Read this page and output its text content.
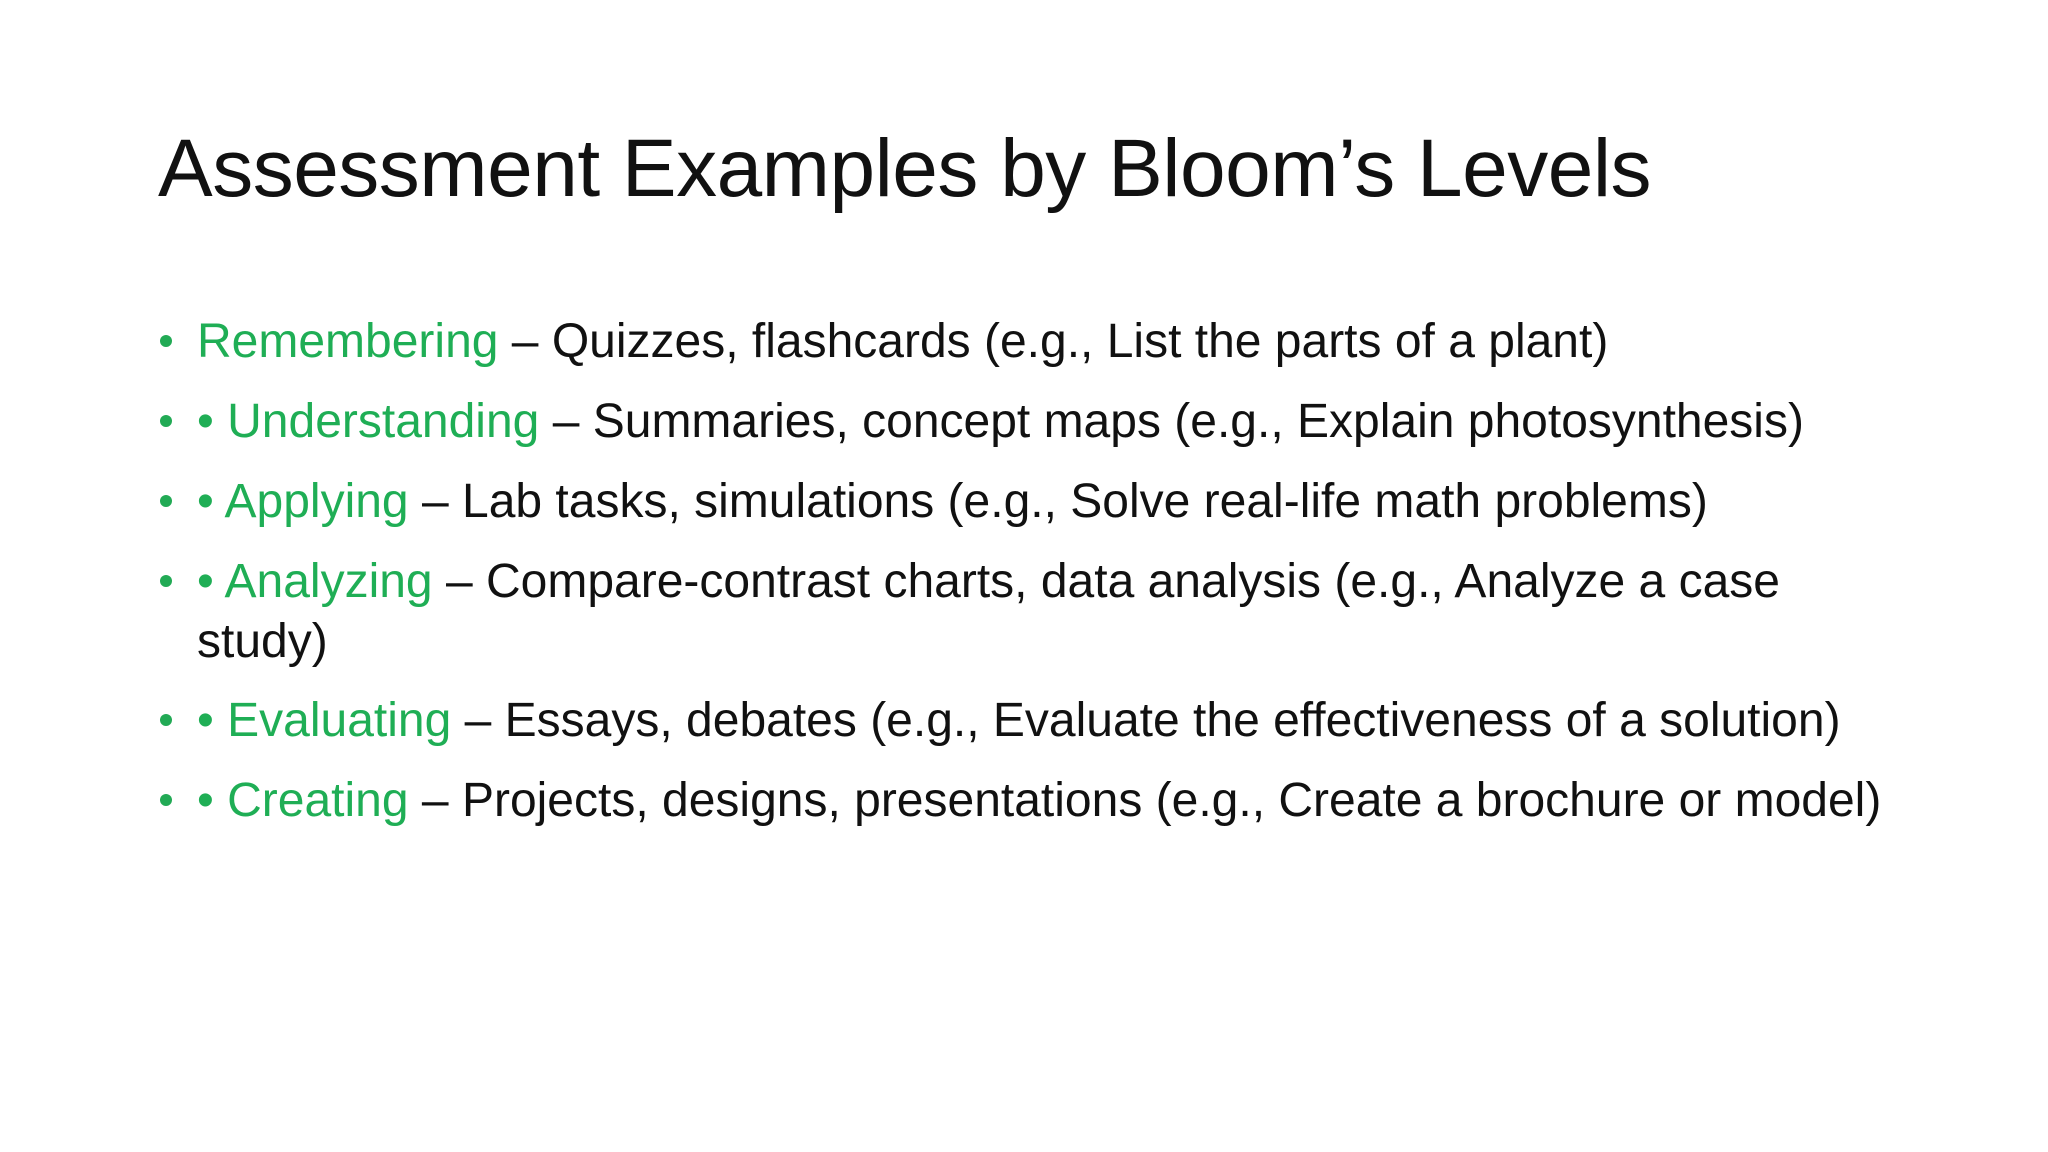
Assessment Examples by Bloom’s Levels
Remembering – Quizzes, flashcards (e.g., List the parts of a plant)
• Understanding – Summaries, concept maps (e.g., Explain photosynthesis)
• Applying – Lab tasks, simulations (e.g., Solve real-life math problems)
• Analyzing – Compare-contrast charts, data analysis (e.g., Analyze a case study)
• Evaluating – Essays, debates (e.g., Evaluate the effectiveness of a solution)
• Creating – Projects, designs, presentations (e.g., Create a brochure or model)
